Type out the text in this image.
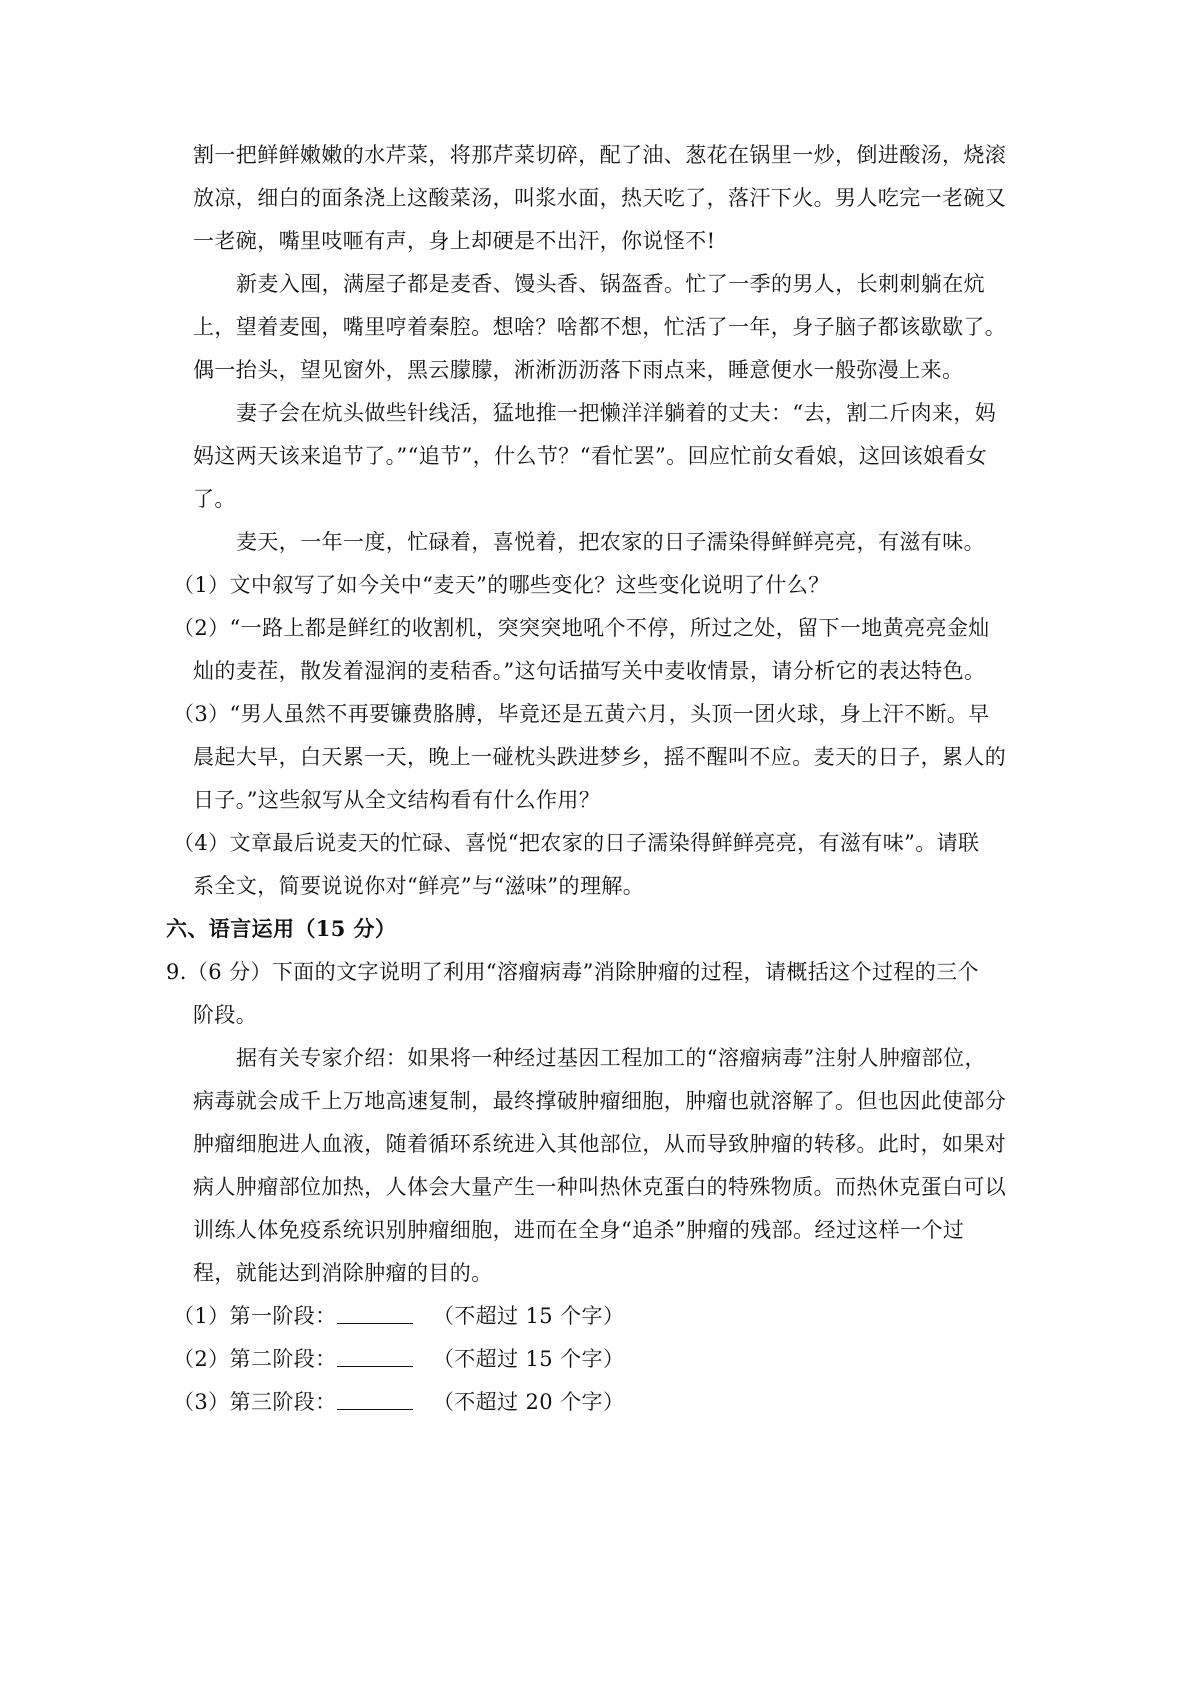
割一把鲜鲜嫩嫩的水芹菜，将那芹菜切碎，配了油、葱花在锅里一炒，倒进酸汤，烧滚
放凉，细白的面条浇上这酸菜汤，叫浆水面，热天吃了，落汗下火。男人吃完一老碗又
一老碗，嘴里吱咂有声，身上却硬是不出汗，你说怪不!
新麦入囤，满屋子都是麦香、馒头香、锅盔香。忙了一季的男人，长刺刺躺在炕
上，望着麦囤，嘴里哼着秦腔。想啥？啥都不想，忙活了一年，身子脑子都该歇歇了。
偶一抬头，望见窗外，黑云朦朦，淅淅沥沥落下雨点来，睡意便水一般弥漫上来。
妻子会在炕头做些针线活，猛地推一把懒洋洋躺着的丈夫：“去，割二斤肉来，妈
妈这两天该来追节了。”“追节”，什么节？“看忙罢”。回应忙前女看娘，这回该娘看女
了。
麦天，一年一度，忙碌着，喜悦着，把农家的日子濡染得鲜鲜亮亮，有滋有味。
（1）文中叙写了如今关中“麦天”的哪些变化？这些变化说明了什么？
（2）“一路上都是鲜红的收割机，突突突地吼个不停，所过之处，留下一地黄亮亮金灿
灿的麦茬，散发着湿润的麦秸香。”这句话描写关中麦收情景，请分析它的表达特色。
（3）“男人虽然不再要镰费胳膊，毕竟还是五黄六月，头顶一团火球，身上汗不断。早
晨起大早，白天累一天，晚上一碰枕头跌进梦乡，摇不醒叫不应。麦天的日子，累人的
日子。”这些叙写从全文结构看有什么作用？
（4）文章最后说麦天的忙碌、喜悦“把农家的日子濡染得鲜鲜亮亮，有滋有味”。请联
系全文，简要说说你对“鲜亮”与“滋味”的理解。
六、语言运用（15 分）
9.（6 分）下面的文字说明了利用“溶瘤病毒”消除肿瘤的过程，请概括这个过程的三个
阶段。
据有关专家介绍：如果将一种经过基因工程加工的“溶瘤病毒”注射人肿瘤部位，
病毒就会成千上万地高速复制，最终撑破肿瘤细胞，肿瘤也就溶解了。但也因此使部分
肿瘤细胞进人血液，随着循环系统进入其他部位，从而导致肿瘤的转移。此时，如果对
病人肿瘤部位加热，人体会大量产生一种叫热休克蛋白的特殊物质。而热休克蛋白可以
训练人体免疫系统识别肿瘤细胞，进而在全身“追杀”肿瘤的残部。经过这样一个过
程，就能达到消除肿瘤的目的。
（1）第一阶段：	（不超过 15 个字）
（2）第二阶段：	（不超过 15 个字）
（3）第三阶段：	（不超过 20 个字）
